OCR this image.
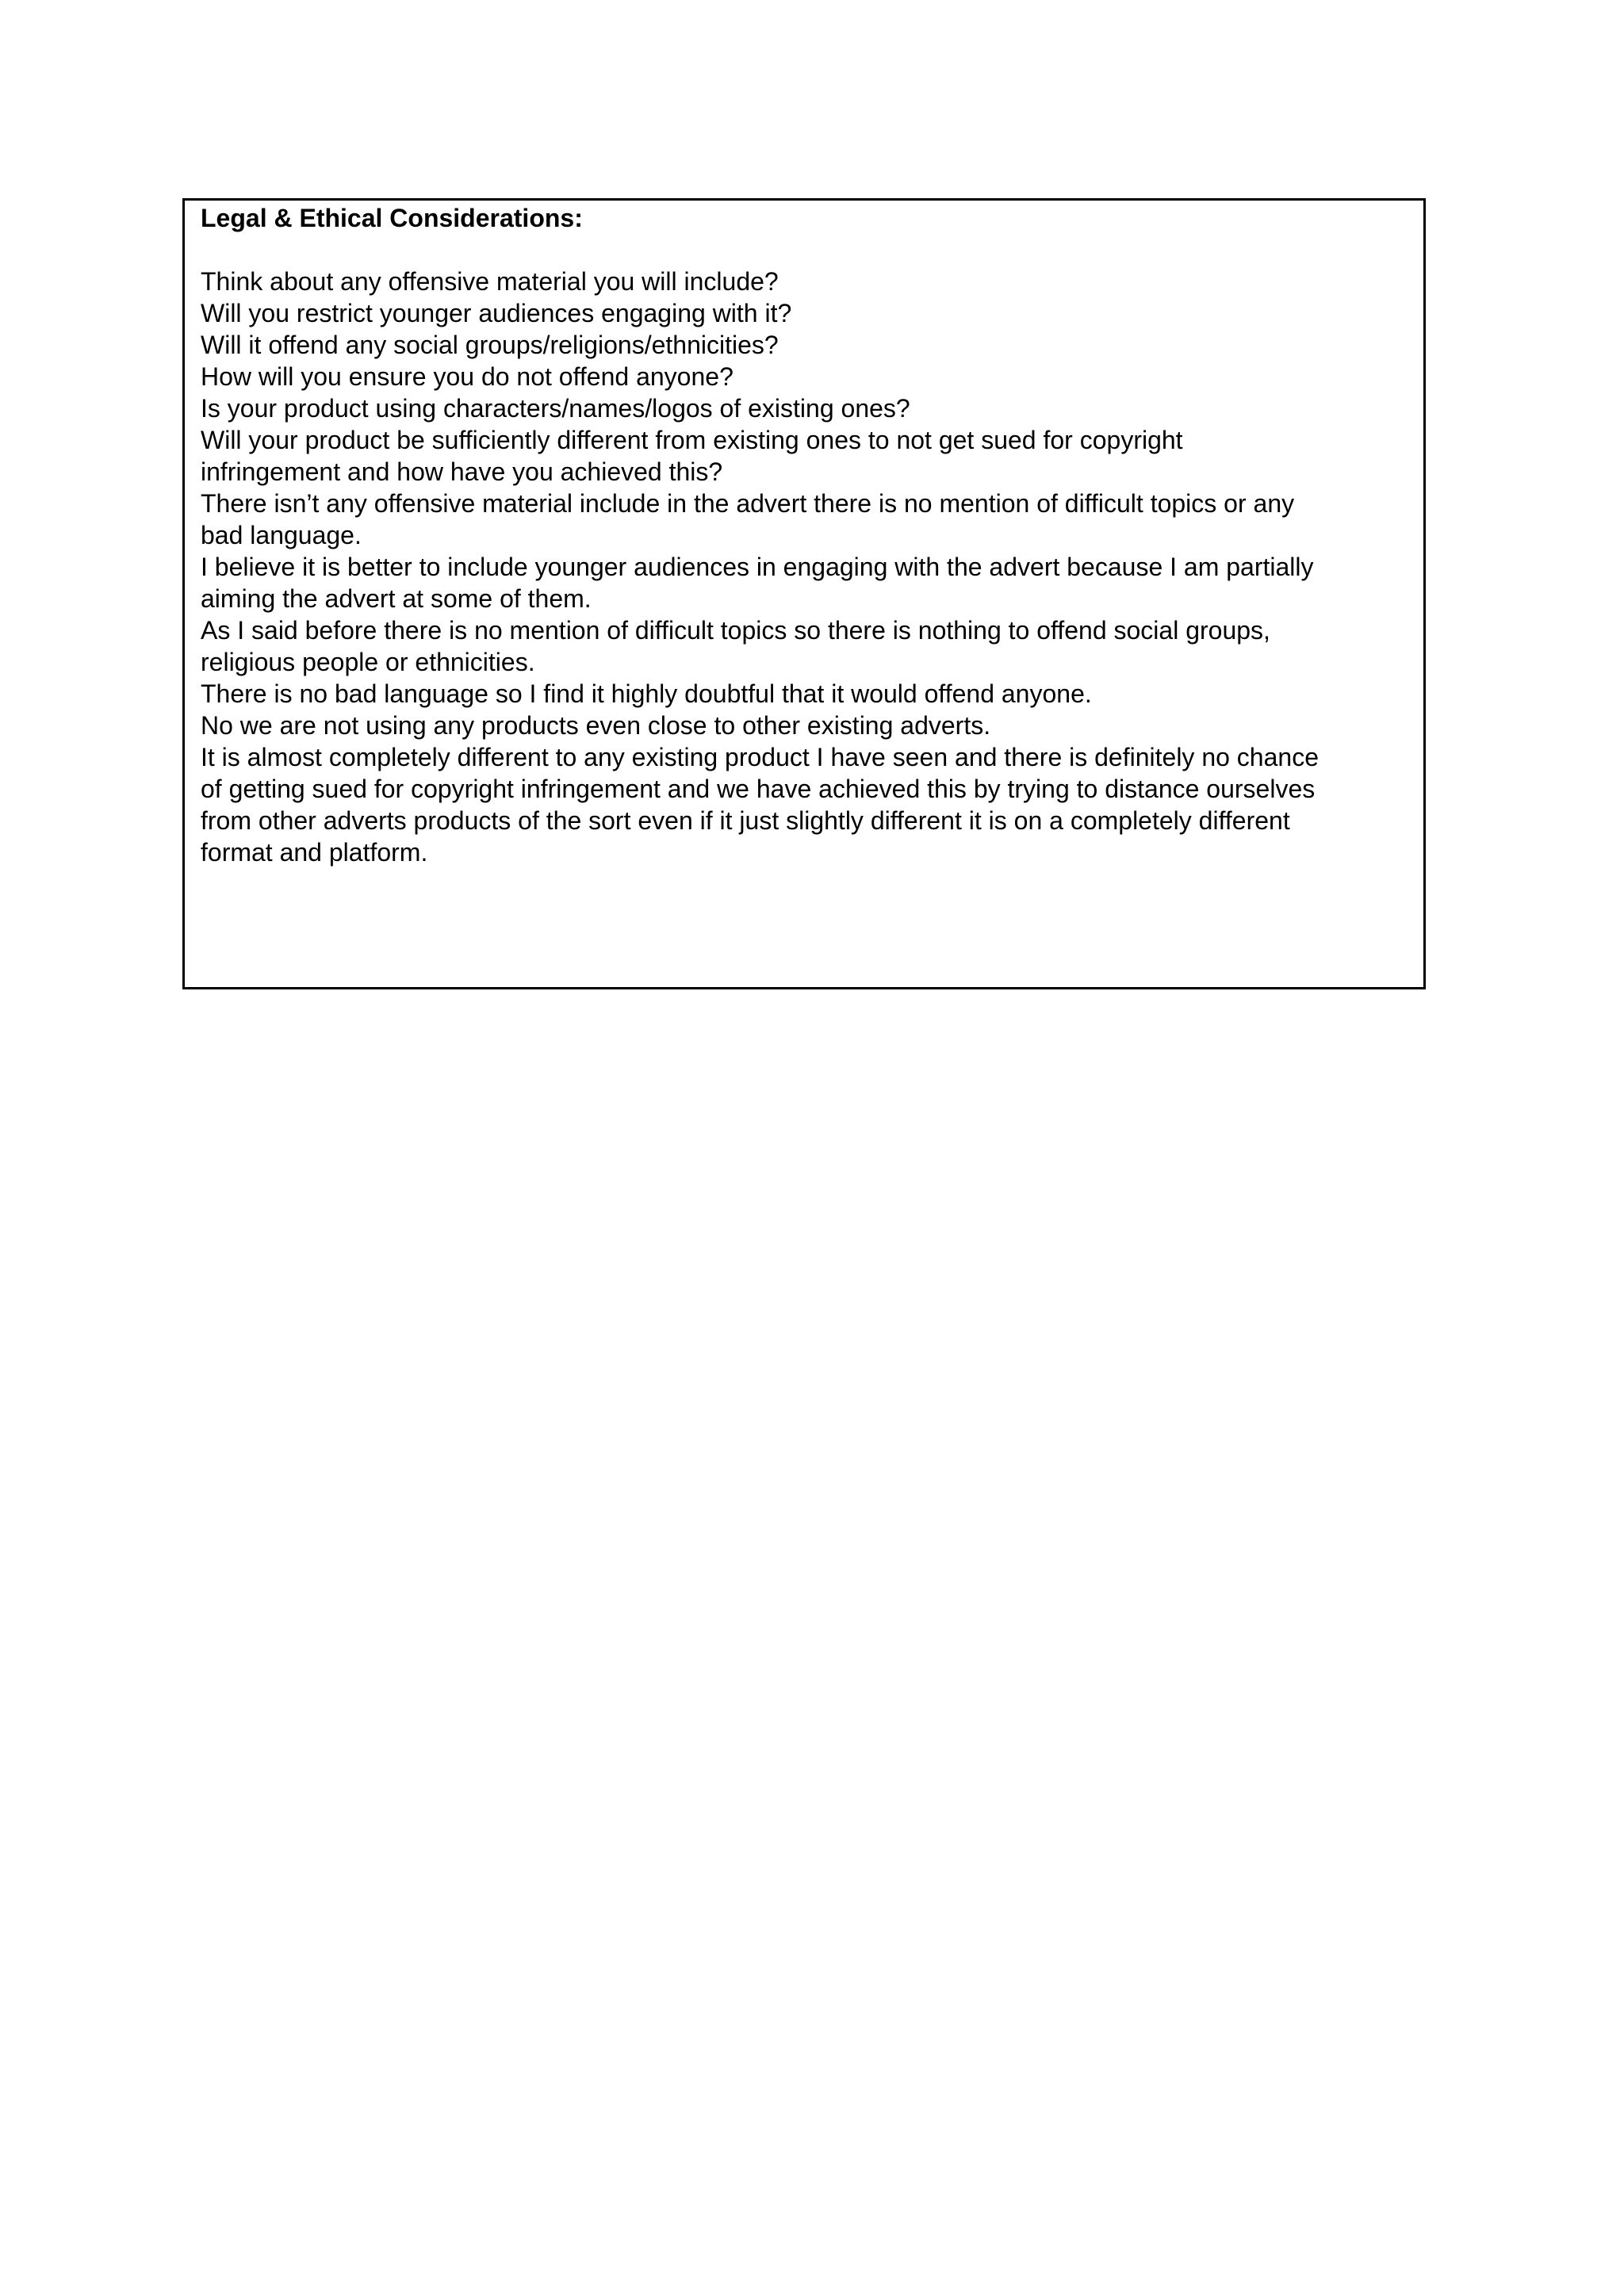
Legal & Ethical Considerations:
Think about any offensive material you will include?
Will you restrict younger audiences engaging with it?
Will it offend any social groups/religions/ethnicities?
How will you ensure you do not offend anyone?
Is your product using characters/names/logos of existing ones?
Will your product be sufficiently different from existing ones to not get sued for copyright
infringement and how have you achieved this?
There isn’t any offensive material include in the advert there is no mention of difficult topics or any
bad language.
I believe it is better to include younger audiences in engaging with the advert because I am partially
aiming the advert at some of them.
As I said before there is no mention of difficult topics so there is nothing to offend social groups,
religious people or ethnicities.
There is no bad language so I find it highly doubtful that it would offend anyone.
No we are not using any products even close to other existing adverts.
It is almost completely different to any existing product I have seen and there is definitely no chance
of getting sued for copyright infringement and we have achieved this by trying to distance ourselves
from other adverts products of the sort even if it just slightly different it is on a completely different
format and platform.
